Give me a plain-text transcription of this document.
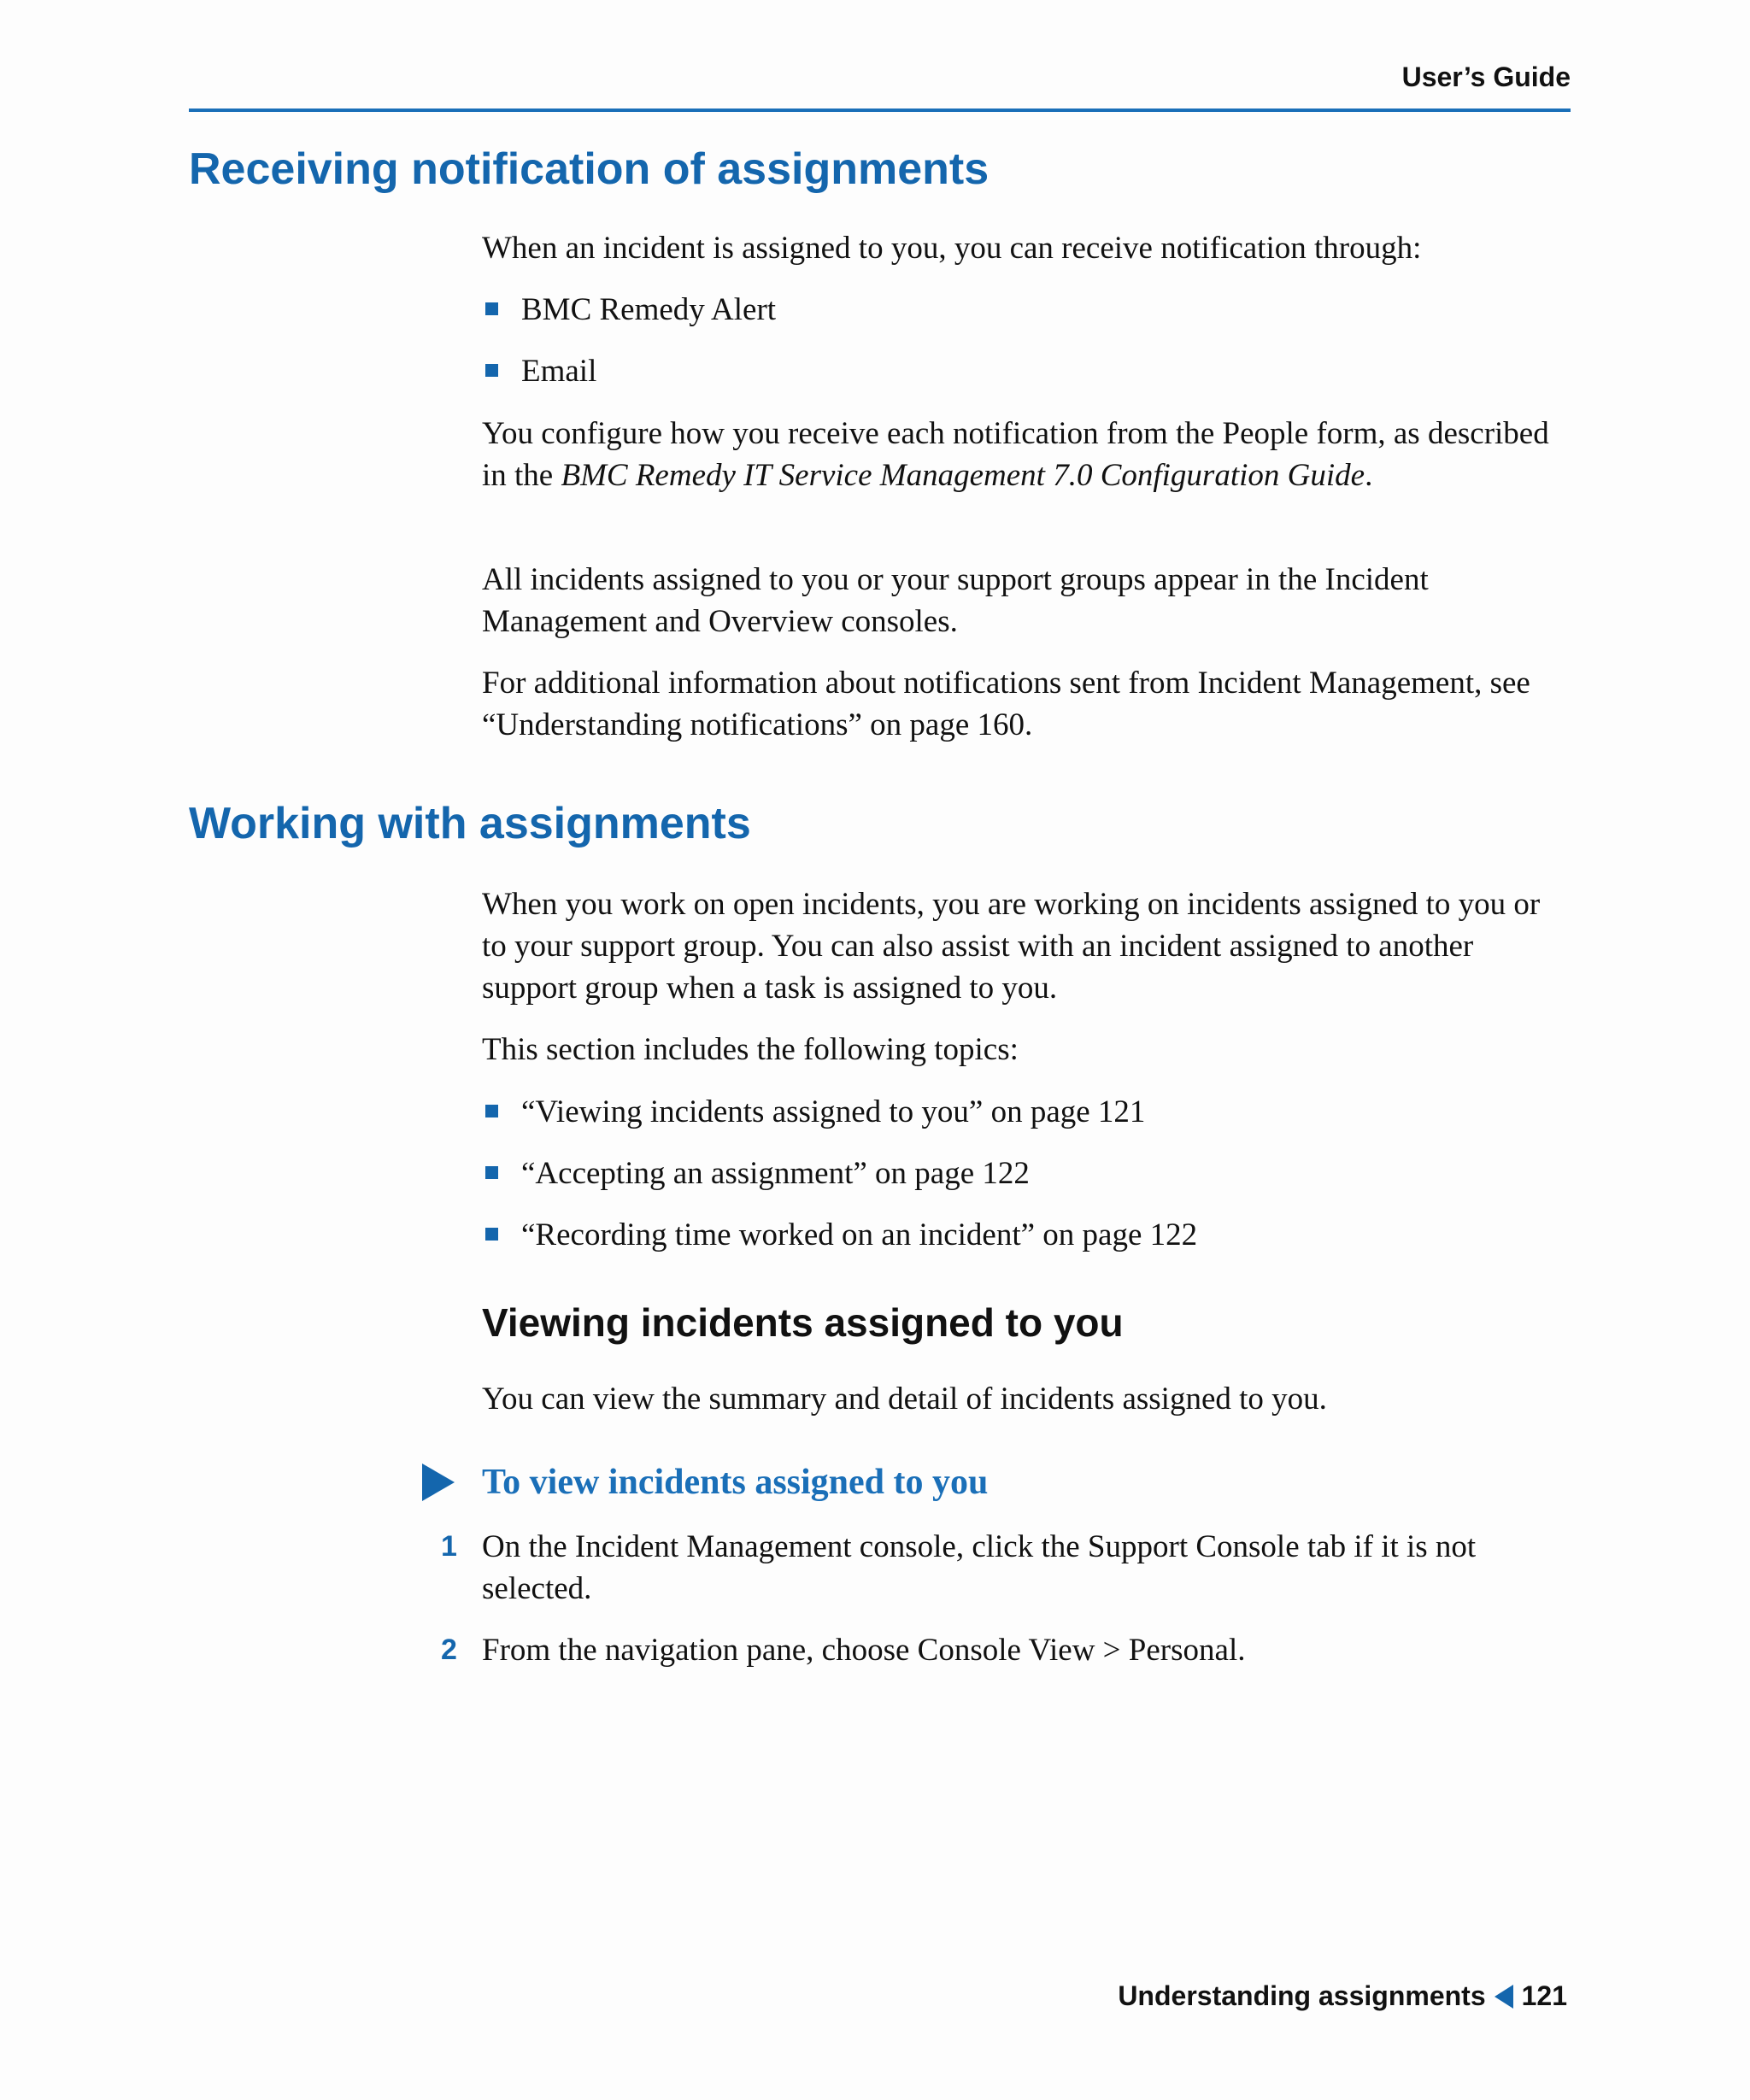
User’s Guide
Receiving notification of assignments

When an incident is assigned to you, you can receive notification through:

BMC Remedy Alert
Email

You configure how you receive each notification from the People form, as described in the BMC Remedy IT Service Management 7.0 Configuration Guide.

All incidents assigned to you or your support groups appear in the Incident Management and Overview consoles.

For additional information about notifications sent from Incident Management, see “Understanding notifications” on page 160.

Working with assignments

When you work on open incidents, you are working on incidents assigned to you or to your support group. You can also assist with an incident assigned to another support group when a task is assigned to you.

This section includes the following topics:

“Viewing incidents assigned to you” on page 121
“Accepting an assignment” on page 122
“Recording time worked on an incident” on page 122
Viewing incidents assigned to you

You can view the summary and detail of incidents assigned to you.

To view incidents assigned to you
1 On the Incident Management console, click the Support Console tab if it is not selected.

2 From the navigation pane, choose Console View > Personal.

Understanding assignments 121
